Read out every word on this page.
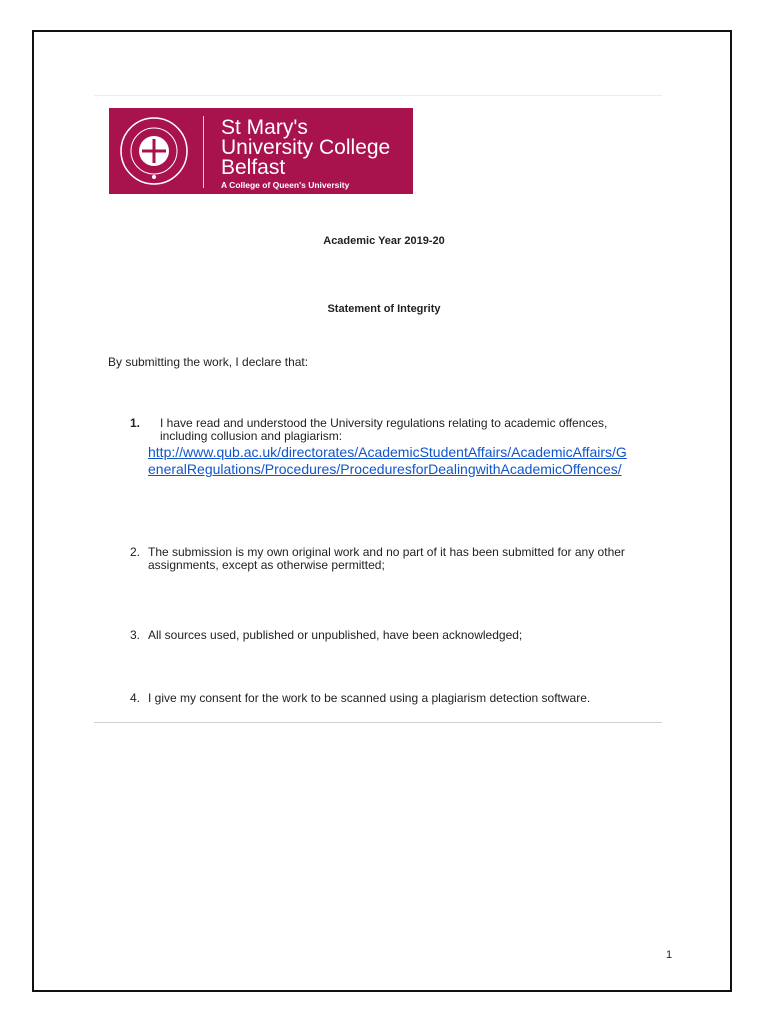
St Mary's
University College
Belfast
A College of Queen's University
Academic Year 2019-20
Statement of Integrity
By submitting the work, I declare that:
1. I have read and understood the University regulations relating to academic offences, including collusion and plagiarism:
http://www.qub.ac.uk/directorates/AcademicStudentAffairs/AcademicAffairs/GeneralRegulations/Procedures/ProceduresforDealingwithAcademicOffences/
2. The submission is my own original work and no part of it has been submitted for any other assignments, except as otherwise permitted;
3. All sources used, published or unpublished, have been acknowledged;
4. I give my consent for the work to be scanned using a plagiarism detection software.
1
